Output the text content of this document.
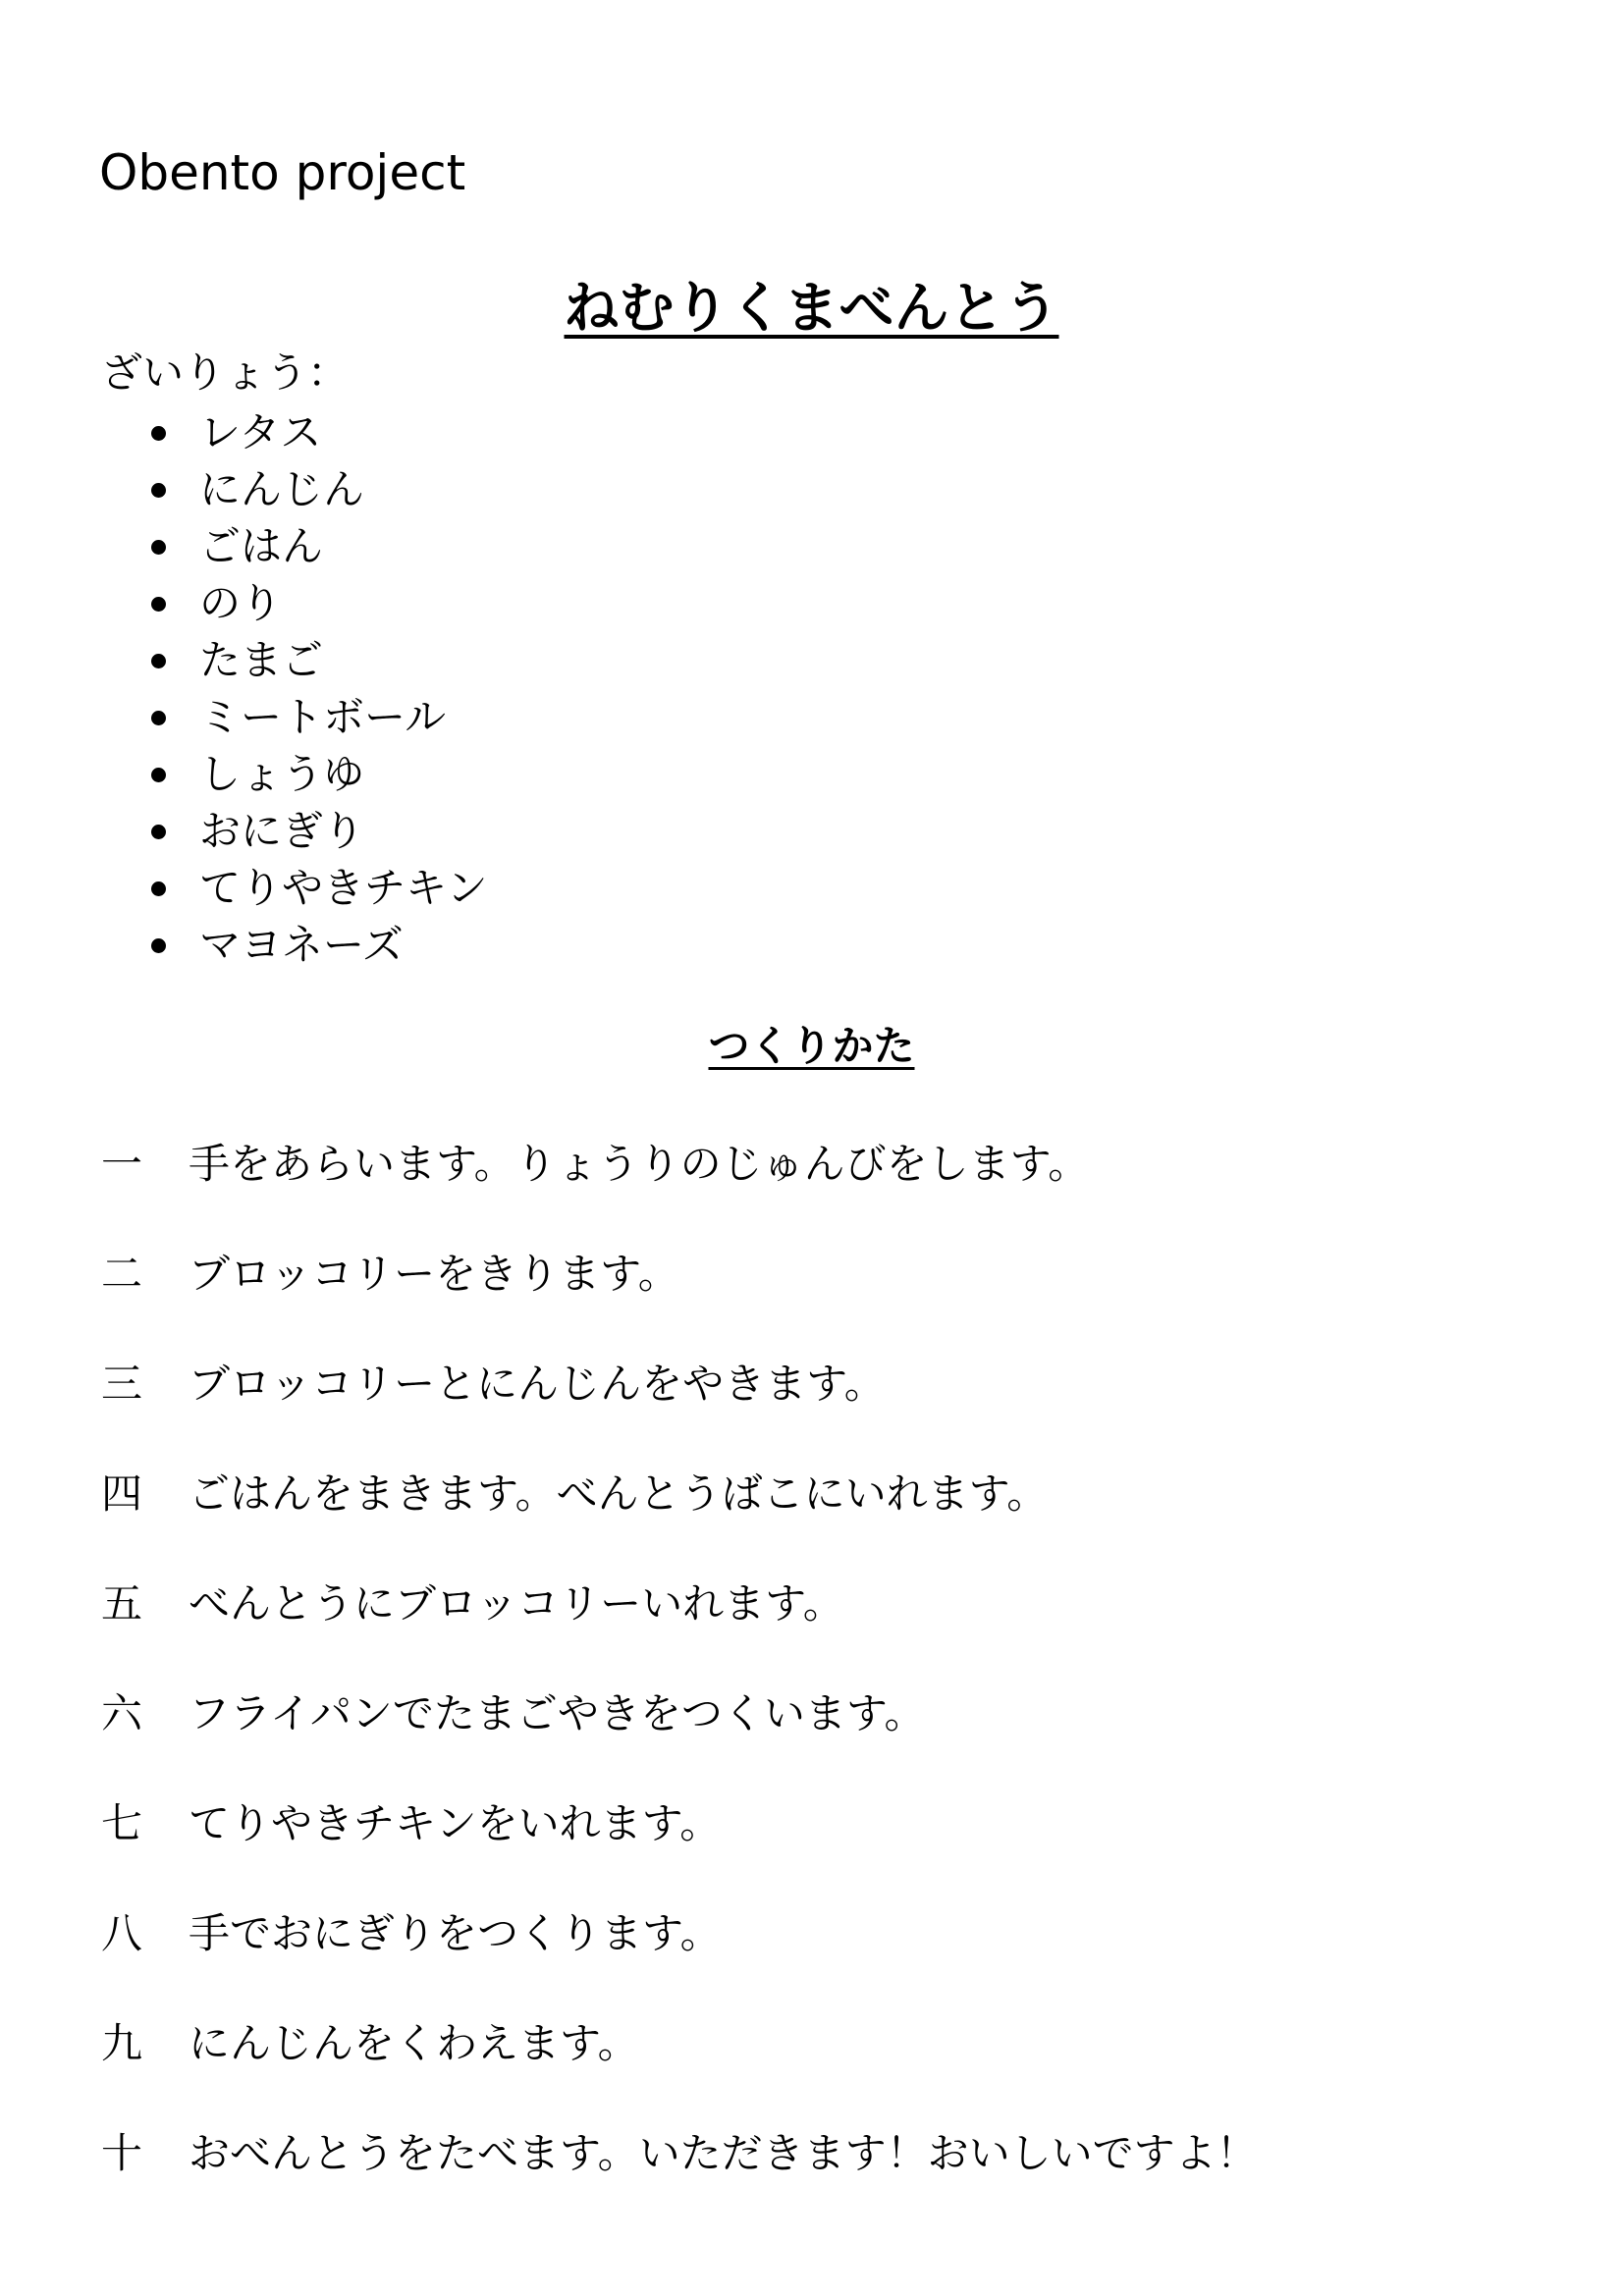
Obento project
ねむりくまべんとう
ざいりょう：
レタス
にんじん
ごはん
のり
たまご
ミートボール
しょうゆ
おにぎり
てりやきチキン
マヨネーズ
つくりかた
一 手をあらいます。りょうりのじゅんびをします。
二 ブロッコリーをきります。
三 ブロッコリーとにんじんをやきます。
四 ごはんをまきます。べんとうばこにいれます。
五 べんとうにブロッコリーいれます。
六 フライパンでたまごやきをつくいます。
七 てりやきチキンをいれます。
八 手でおにぎりをつくります。
九 にんじんをくわえます。
十 おべんとうをたべます。いただきます！おいしいですよ！
